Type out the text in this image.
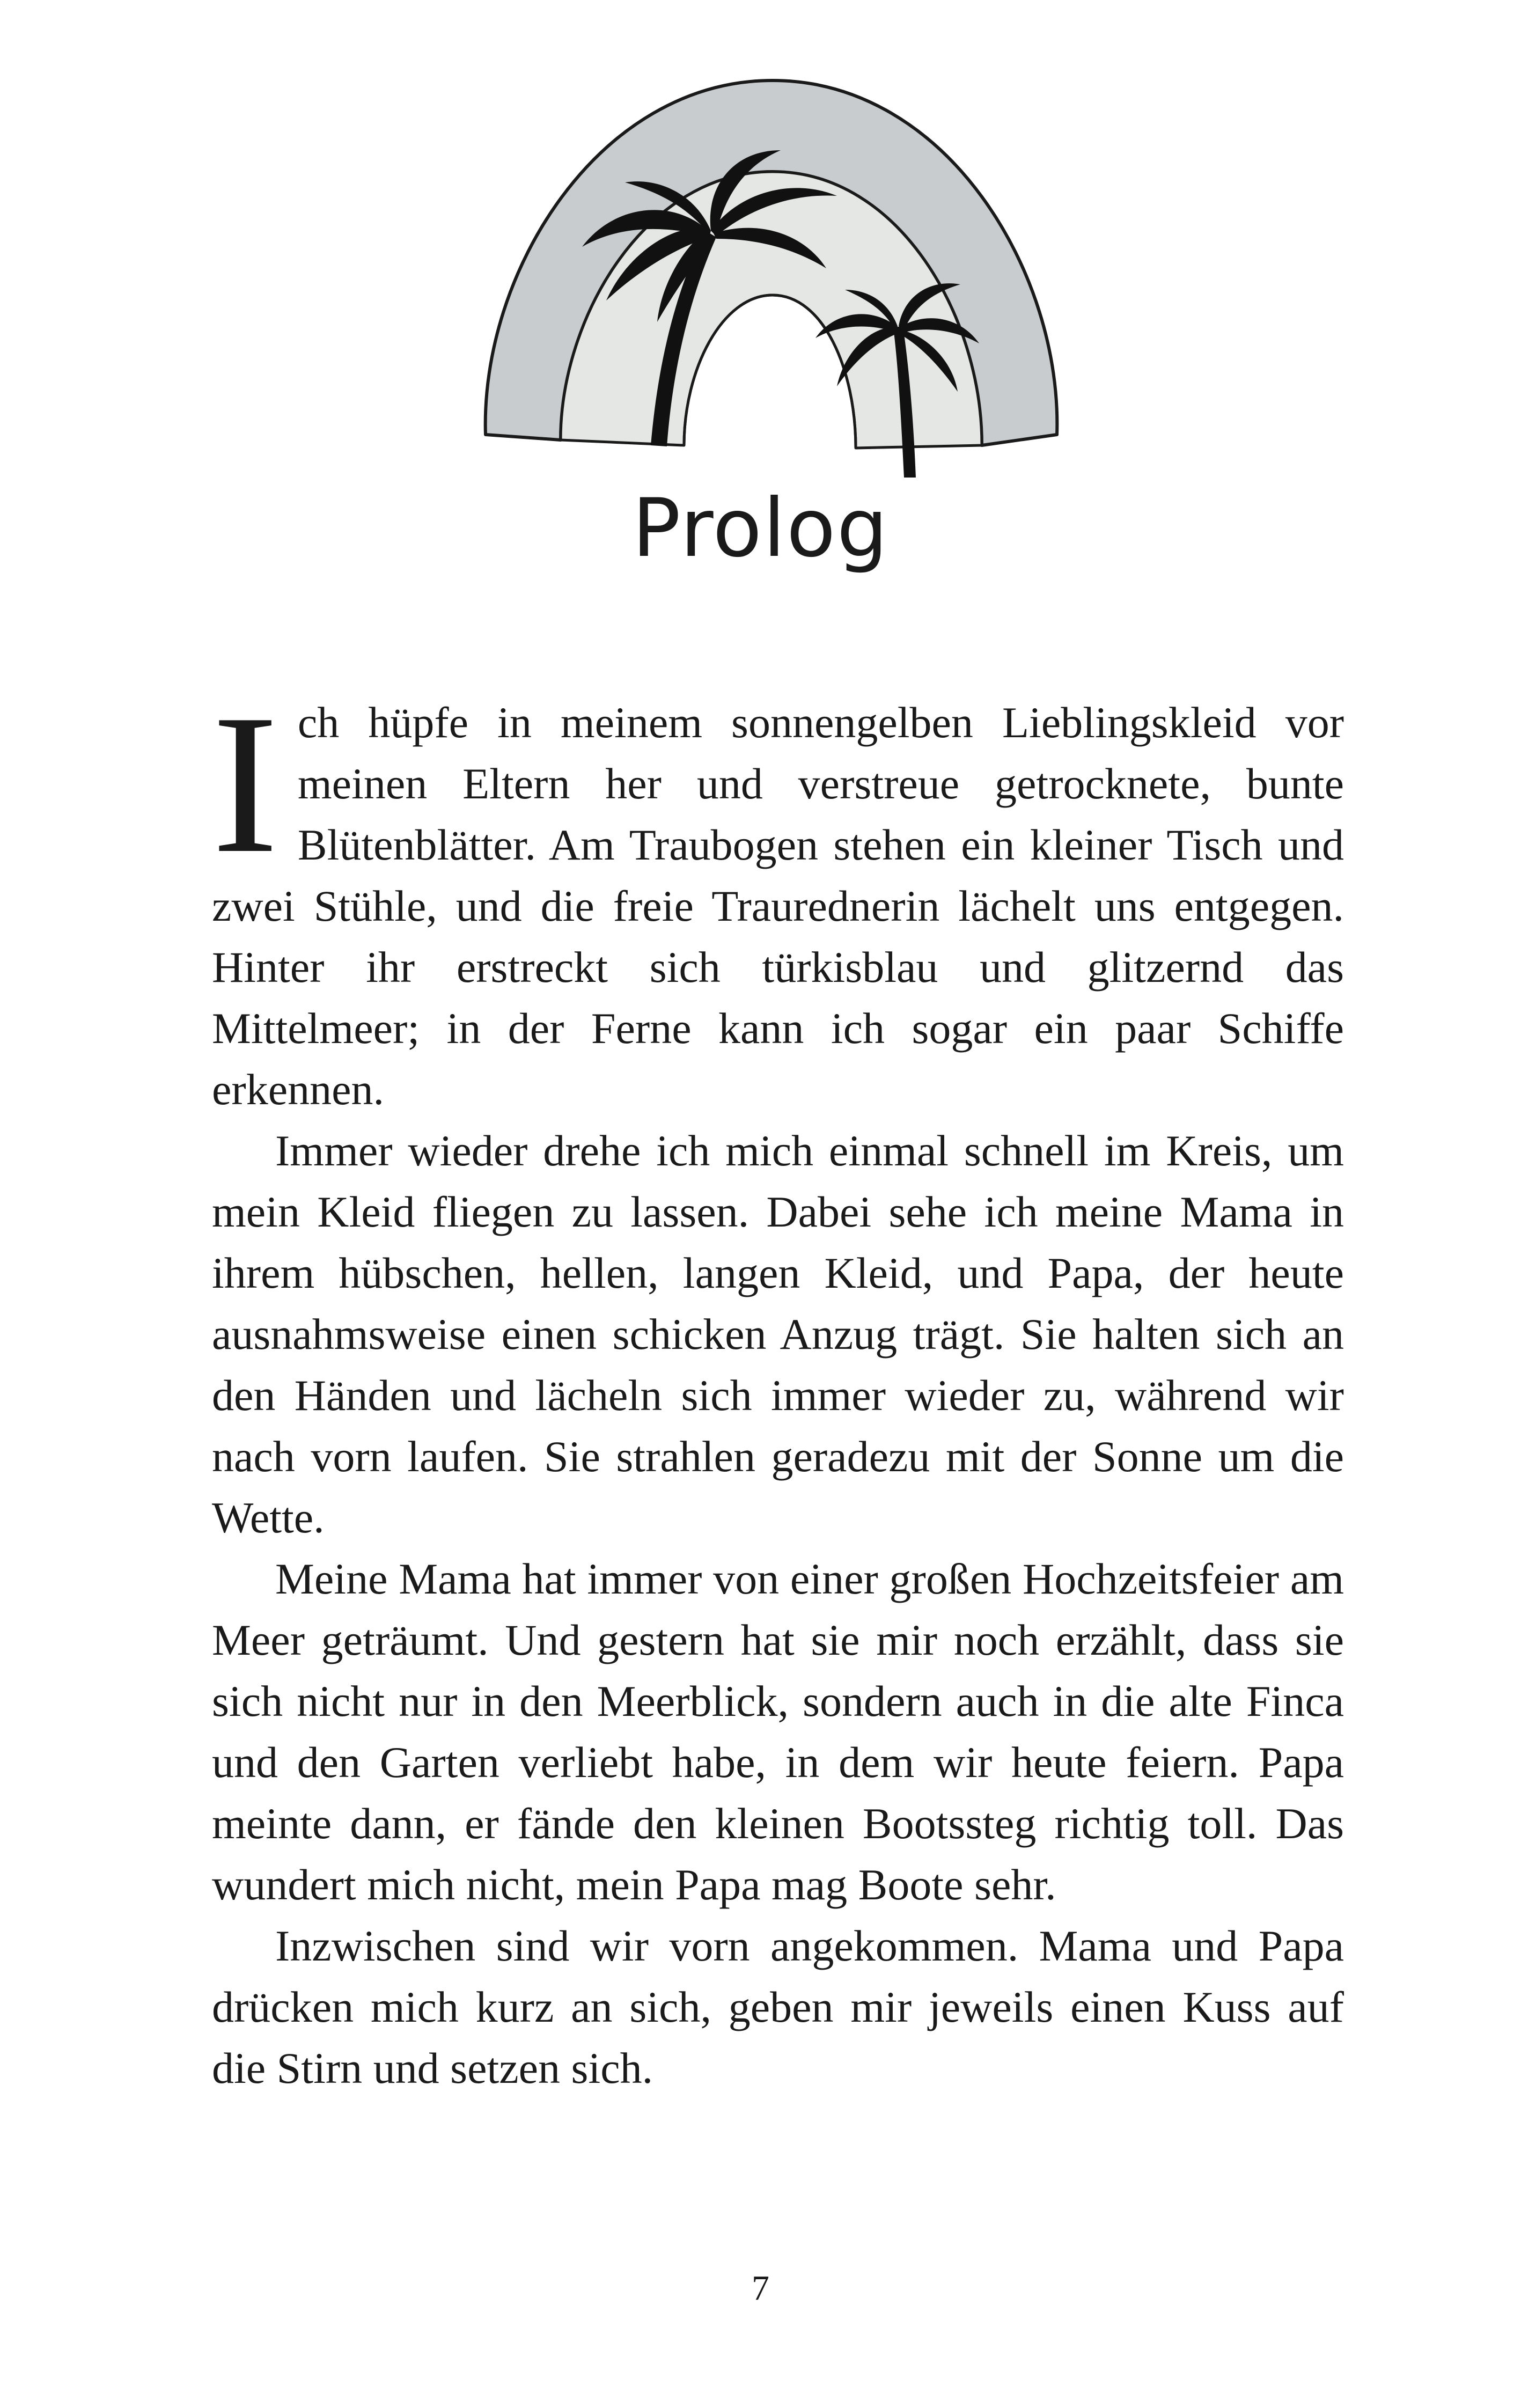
Prolog

Ich hüpfe in meinem sonnengelben Lieblingskleid vor meinen Eltern her und verstreue getrocknete, bunte Blütenblätter. Am Traubogen stehen ein kleiner Tisch und zwei Stühle, und die freie Traurednerin lächelt uns entgegen. Hinter ihr erstreckt sich türkisblau und glitzernd das Mittelmeer; in der Ferne kann ich sogar ein paar Schiffe erkennen.

Immer wieder drehe ich mich einmal schnell im Kreis, um mein Kleid fliegen zu lassen. Dabei sehe ich meine Mama in ihrem hübschen, hellen, langen Kleid, und Papa, der heute ausnahmsweise einen schicken Anzug trägt. Sie halten sich an den Händen und lächeln sich immer wieder zu, während wir nach vorn laufen. Sie strahlen geradezu mit der Sonne um die Wette.

Meine Mama hat immer von einer großen Hochzeitsfeier am Meer geträumt. Und gestern hat sie mir noch erzählt, dass sie sich nicht nur in den Meerblick, sondern auch in die alte Finca und den Garten verliebt habe, in dem wir heute feiern. Papa meinte dann, er fände den kleinen Bootssteg richtig toll. Das wundert mich nicht, mein Papa mag Boote sehr.

Inzwischen sind wir vorn angekommen. Mama und Papa drücken mich kurz an sich, geben mir jeweils einen Kuss auf die Stirn und setzen sich.

7
